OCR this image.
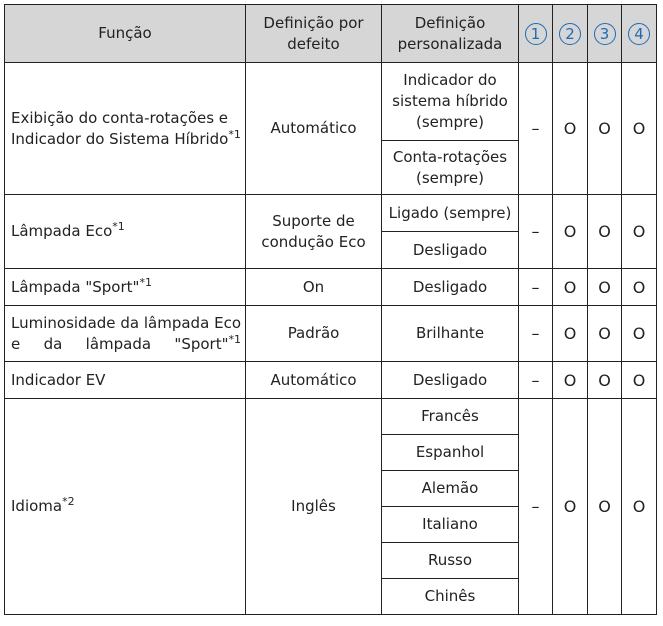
Função	Definição por defeito	Definição personalizada	1	2	3	4
Exibição do conta-rotações e Indicador do Sistema Híbrido$^{*1}$	Automático	Indicador do sistema híbrido (sempre)	–	O	O	O
		Conta-rotações (sempre)				
Lâmpada Eco$^{*1}$	Suporte de condução Eco	Ligado (sempre)	–	O	O	O
		Desligado				
Lâmpada "Sport"$^{*1}$	On	Desligado	–	O	O	O
Luminosidade da lâmpada Eco e da lâmpada "Sport"$^{*1}$	Padrão	Brilhante	–	O	O	O
Indicador EV	Automático	Desligado	–	O	O	O
Idioma$^{*2}$	Inglês	Francês	–	O	O	O
		Espanhol				
		Alemão				
		Italiano				
		Russo				
		Chinês				
